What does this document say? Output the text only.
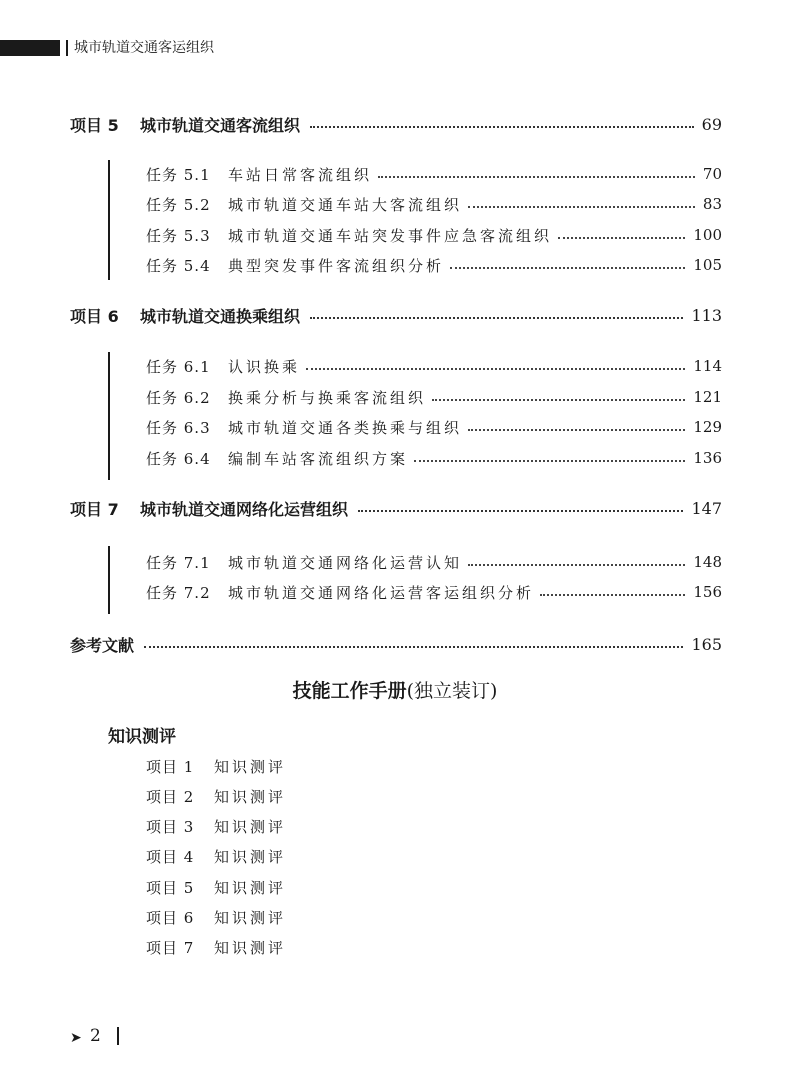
城市轨道交通客运组织
项目 5	城市轨道交通客流组织	69
任务 5.1	车站日常客流组织	70
任务 5.2	城市轨道交通车站大客流组织	83
任务 5.3	城市轨道交通车站突发事件应急客流组织	100
任务 5.4	典型突发事件客流组织分析	105
项目 6	城市轨道交通换乘组织	113
任务 6.1	认识换乘	114
任务 6.2	换乘分析与换乘客流组织	121
任务 6.3	城市轨道交通各类换乘与组织	129
任务 6.4	编制车站客流组织方案	136
项目 7	城市轨道交通网络化运营组织	147
任务 7.1	城市轨道交通网络化运营认知	148
任务 7.2	城市轨道交通网络化运营客运组织分析	156
参考文献	165
技能工作手册(独立装订)
知识测评
项目 1	知识测评
项目 2	知识测评
项目 3	知识测评
项目 4	知识测评
项目 5	知识测评
项目 6	知识测评
项目 7	知识测评
➤ 2
